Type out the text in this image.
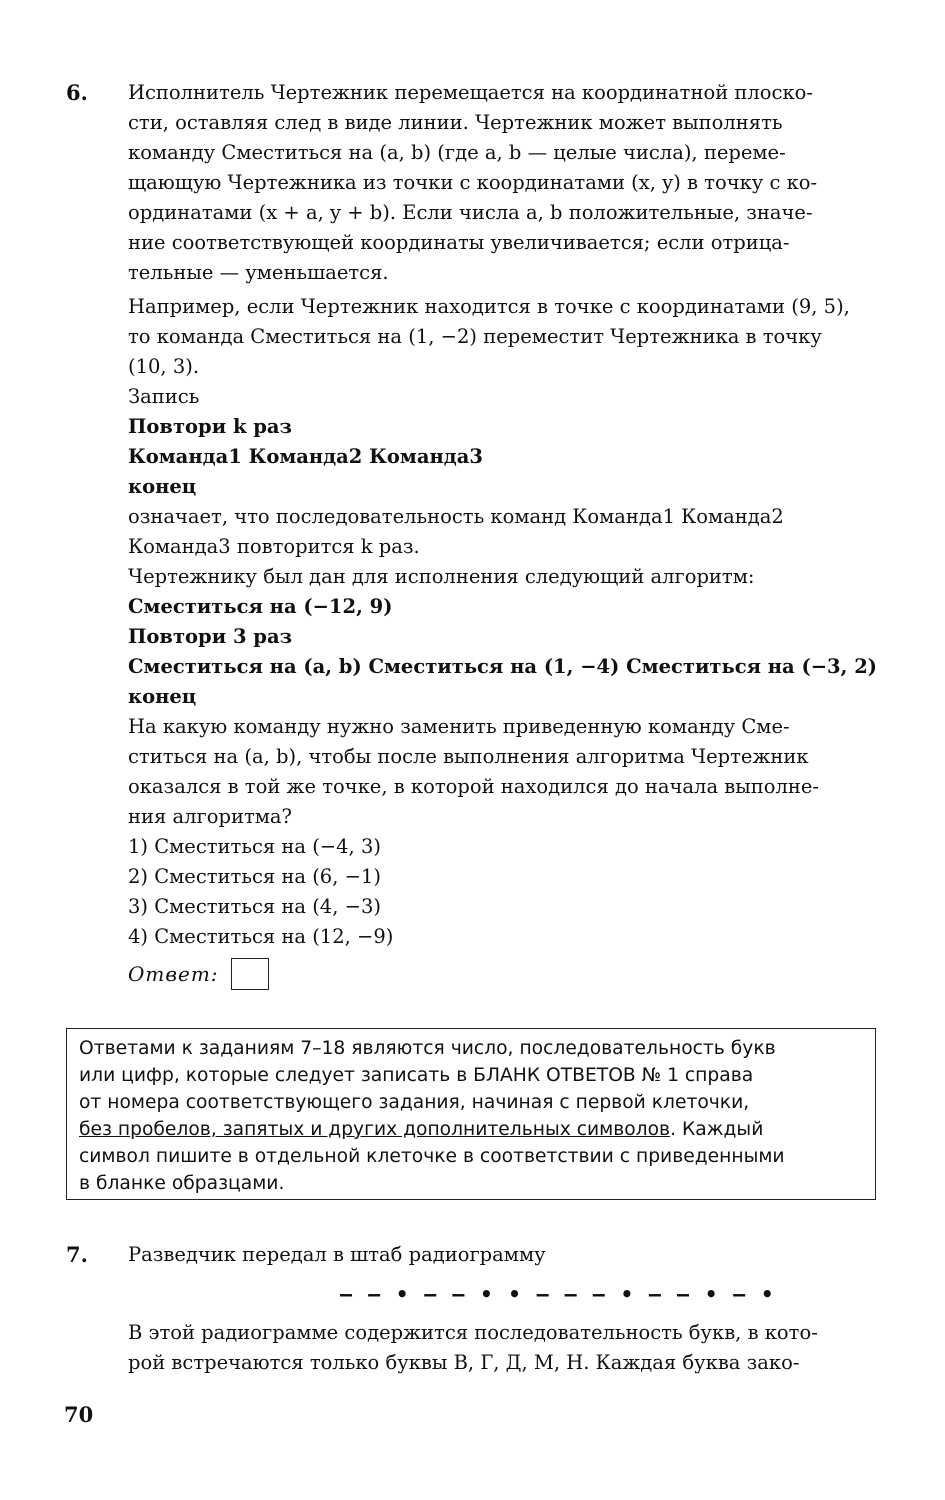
6. Исполнитель Чертежник перемещается на координатной плоско-
сти, оставляя след в виде линии. Чертежник может выполнять
команду Сместиться на (a, b) (где a, b — целые числа), переме-
щающую Чертежника из точки с координатами (x, y) в точку с ко-
ординатами (x + a, y + b). Если числа a, b положительные, значе-
ние соответствующей координаты увеличивается; если отрица-
тельные — уменьшается.

Например, если Чертежник находится в точке с координатами (9, 5),
то команда Сместиться на (1, −2) переместит Чертежника в точку
(10, 3).

Запись

Повтори k раз

Команда1 Команда2 Команда3

конец

означает, что последовательность команд Команда1 Команда2
Команда3 повторится k раз.

Чертежнику был дан для исполнения следующий алгоритм:

Сместиться на (−12, 9)

Повтори 3 раз

Сместиться на (a, b) Сместиться на (1, −4) Сместиться на (−3, 2)

конец

На какую команду нужно заменить приведенную команду Сме-
ститься на (a, b), чтобы после выполнения алгоритма Чертежник
оказался в той же точке, в которой находился до начала выполне-
ния алгоритма?

1) Сместиться на (−4, 3)
2) Сместиться на (6, −1)
3) Сместиться на (4, −3)
4) Сместиться на (12, −9)
Ответ:
Ответами к заданиям 7–18 являются число, последовательность букв
или цифр, которые следует записать в БЛАНК ОТВЕТОВ № 1 справа
от номера соответствующего задания, начиная с первой клеточки,
без пробелов, запятых и других дополнительных символов. Каждый
символ пишите в отдельной клеточке в соответствии с приведенными
в бланке образцами.
7. Разведчик передал в штаб радиограмму

– – • – – • • – – – • – – • – •

В этой радиограмме содержится последовательность букв, в кото-
рой встречаются только буквы В, Г, Д, М, Н. Каждая буква зако-

70
